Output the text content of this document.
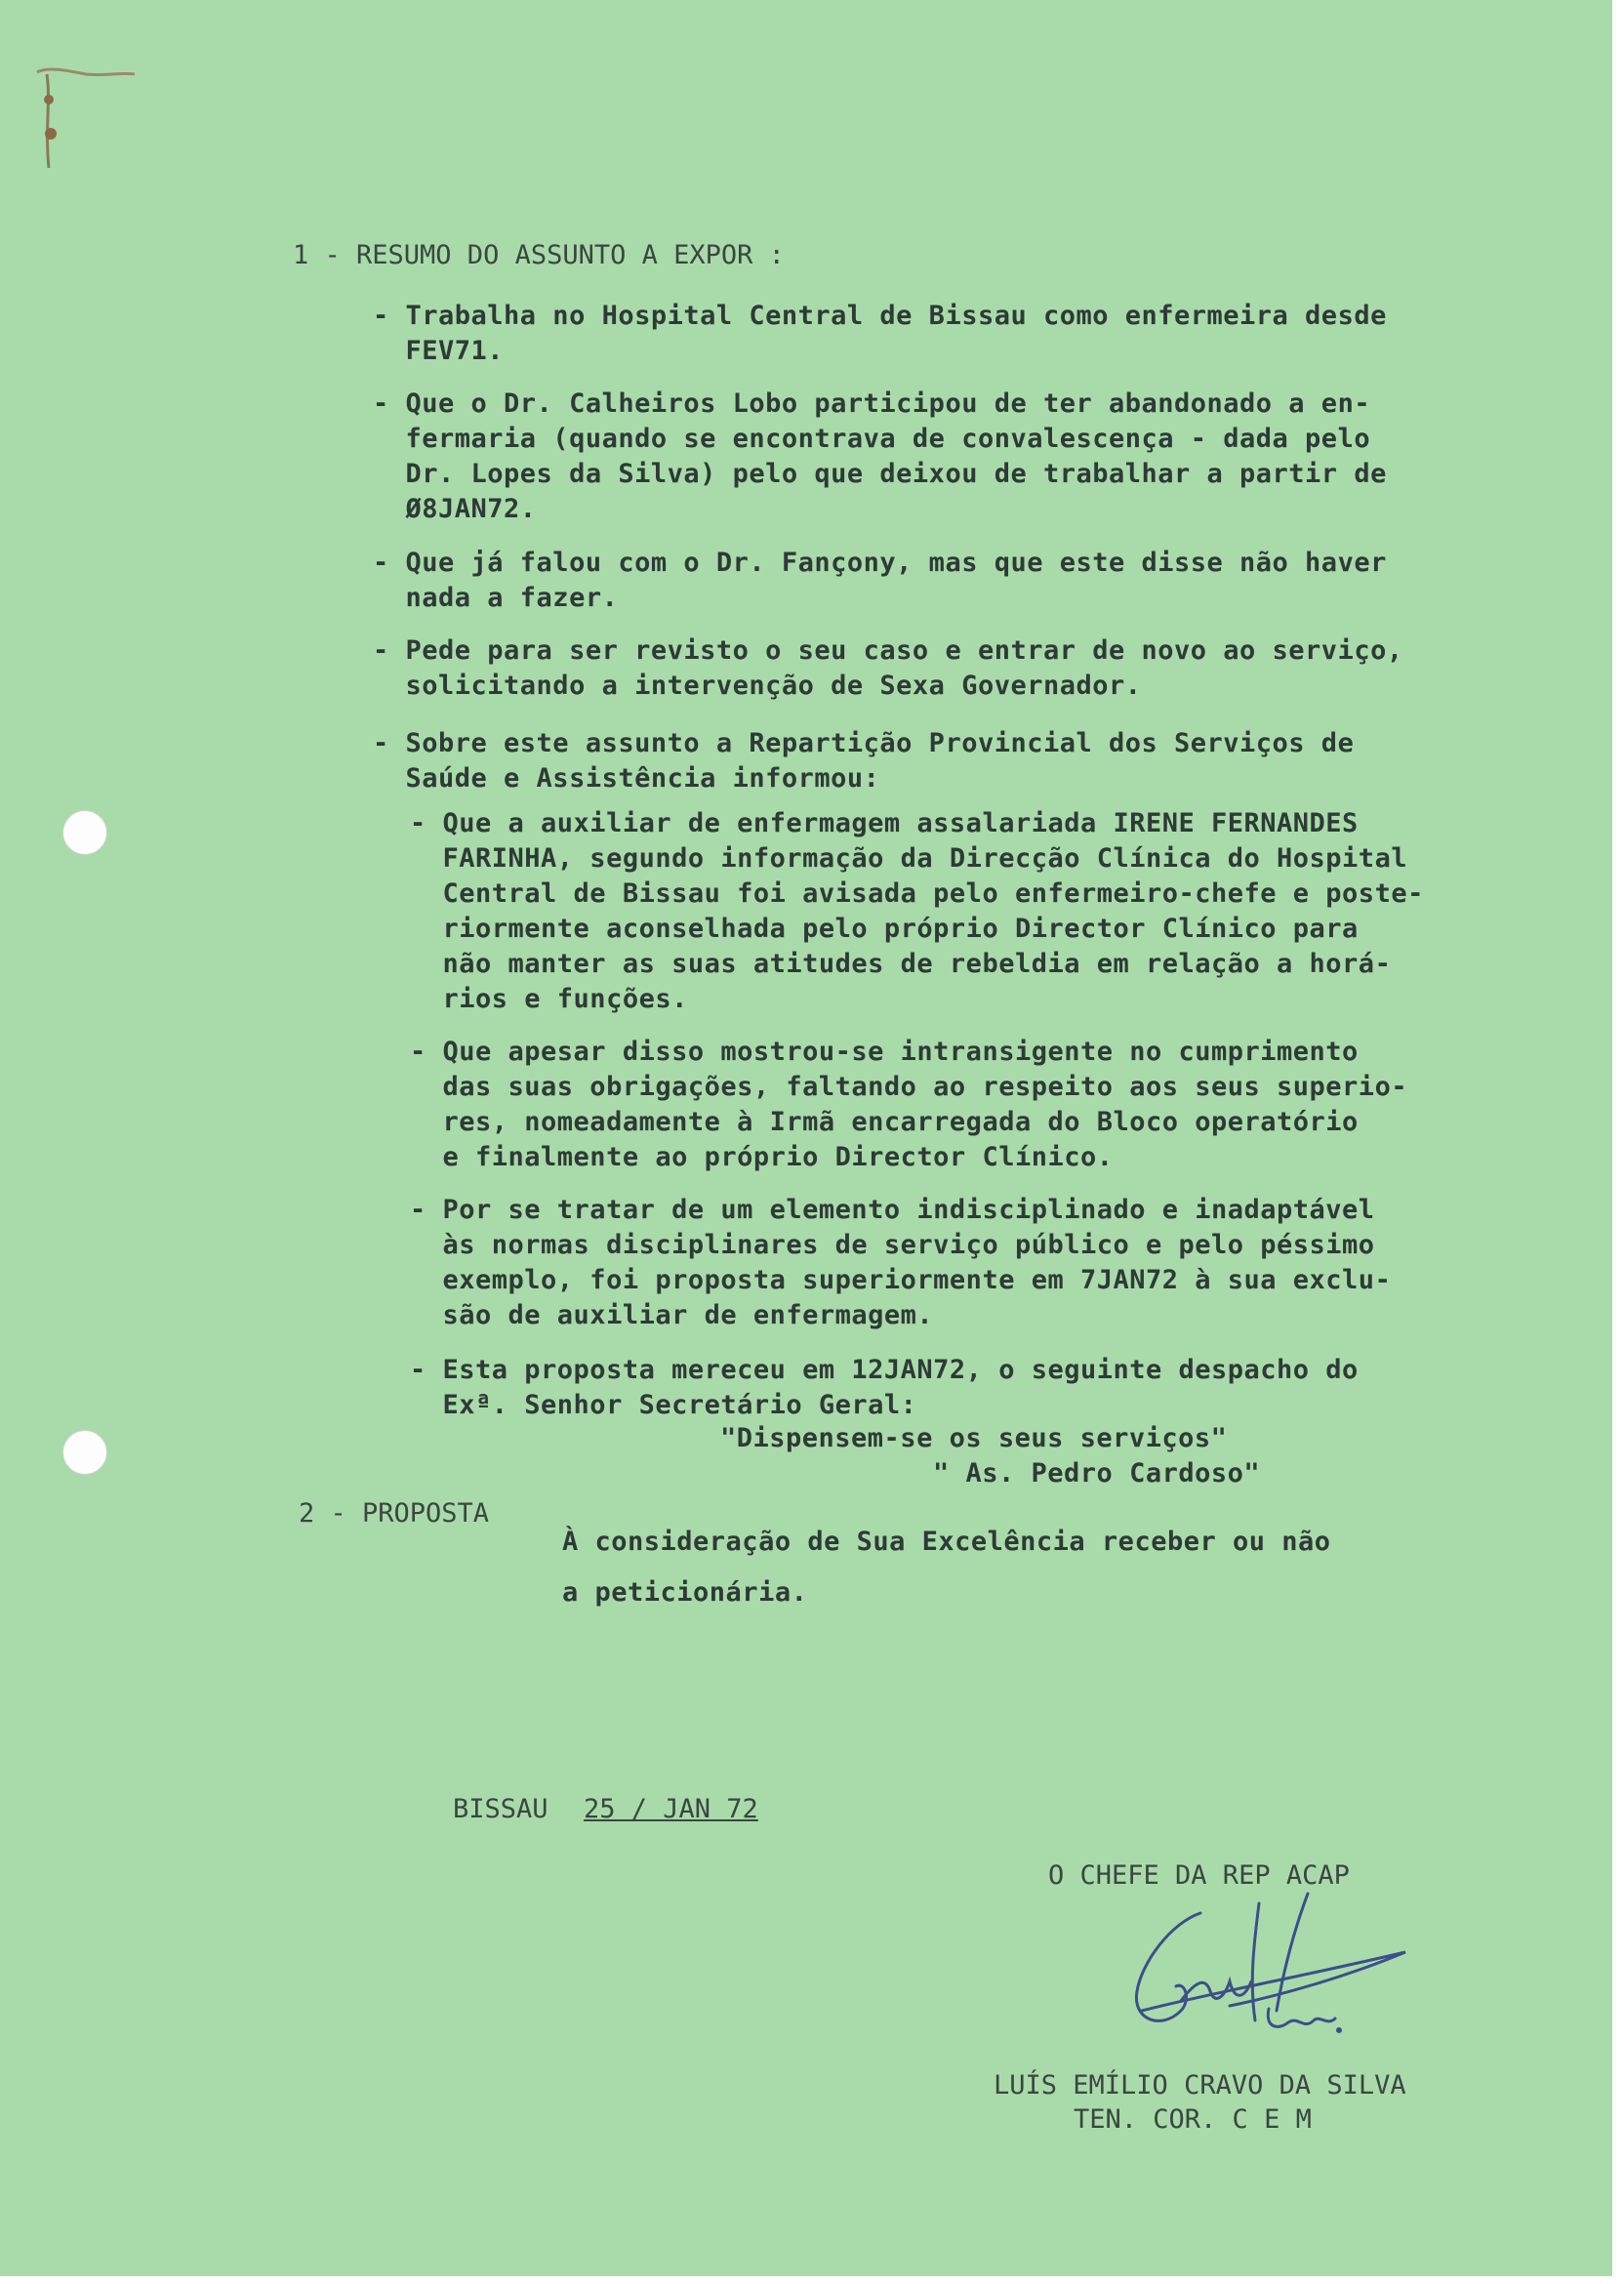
1 - RESUMO DO ASSUNTO A EXPOR :
- Trabalha no Hospital Central de Bissau como enfermeira desde
FEV71.
- Que o Dr. Calheiros Lobo participou de ter abandonado a en-
fermaria (quando se encontrava de convalescença - dada pelo
Dr. Lopes da Silva) pelo que deixou de trabalhar a partir de
Ø8JAN72.
- Que já falou com o Dr. Fançony, mas que este disse não haver
nada a fazer.
- Pede para ser revisto o seu caso e entrar de novo ao serviço,
solicitando a intervenção de Sexa Governador.
- Sobre este assunto a Repartição Provincial dos Serviços de
Saúde e Assistência informou:
- Que a auxiliar de enfermagem assalariada IRENE FERNANDES
FARINHA, segundo informação da Direcção Clínica do Hospital
Central de Bissau foi avisada pelo enfermeiro-chefe e poste-
riormente aconselhada pelo próprio Director Clínico para
não manter as suas atitudes de rebeldia em relação a horá-
rios e funções.
- Que apesar disso mostrou-se intransigente no cumprimento
das suas obrigações, faltando ao respeito aos seus superio-
res, nomeadamente à Irmã encarregada do Bloco operatório
e finalmente ao próprio Director Clínico.
- Por se tratar de um elemento indisciplinado e inadaptável
às normas disciplinares de serviço público e pelo péssimo
exemplo, foi proposta superiormente em 7JAN72 à sua exclu-
são de auxiliar de enfermagem.
- Esta proposta mereceu em 12JAN72, o seguinte despacho do
Exª. Senhor Secretário Geral:
"Dispensem-se os seus serviços"
" As. Pedro Cardoso"
2 - PROPOSTA
À consideração de Sua Excelência receber ou não
a peticionária.
BISSAU 25 / JAN 72
O CHEFE DA REP ACAP
LUÍS EMÍLIO CRAVO DA SILVA
TEN. COR. C E M
